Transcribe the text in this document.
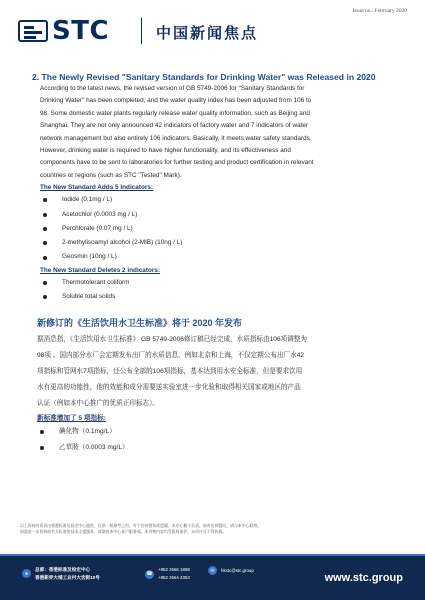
STC	中国新闻焦点
Issue no.: February 2020
2. The Newly Revised "Sanitary Standards for Drinking Water" was Released in 2020
According to the latest news, the revised version of GB 5749-2006 for "Sanitary Standards for
Drinking Water" has been completed, and the water quality index has been adjusted from 106 to
98. Some domestic water plants regularly release water quality information, such as Beijing and
Shanghai. They are not only announced 42 indicators of factory water and 7 indicators of water
network management but also entirely 106 indicators. Basically, it meets water safety standards.
However, drinking water is required to have higher functionality, and its effectiveness and
components have to be sent to laboratories for further testing and product certification in relevant
countries or regions (such as STC "Tested" Mark).
The New Standard Adds 5 Indicators:
Iodide (0.1mg / L)
Acetochlor (0.0003 mg / L)
Perchlorate (0.07 mg / L)
2-methylisoamyl alcohol (2-MIB) (10ng / L)
Geosmin (10ng / L)
The New Standard Deletes 2 indicators:
Thermotolerant coliform
Soluble total solids
新修订的《生活饮用水卫生标准》将于 2020 年发布
据消息指，《生活饮用水卫生标准》 GB 5749-2006修订稿已经完成，水质指标由106项调整为
98项 。国内部分水厂会定期发布出厂的水质信息，例如北京和上海，不仅定期公布出厂水42
项指标和管网水7项指标，还公布全部的106项指标，基本达到用水安全标准，但是要求饮用
水有更高的功能性，他的效能和成分需要送实验室进一步化验和取得相关国家或地区的产品
认证（例如本中心推广的优质正印标志）。
新标准增加了 5 项指标:
碘化物（0.1mg/L）
乙草胺（0.0003 mg/L）
以上资料的资讯由香港标准及检定中心提供，仅供一般参考之用。对于任何错误或遗漏，本中心概不负责。如有任何疑问，请与本中心联络。
如需进一步资料或有关标准的技术支援服务，请联络本中心客户服务部。本刊物内容均受版权保护，未经许可不得转载。
●
总部：香港标准及检定中心
香港新界大埔工业村大宏街10号	☎
+852 2666 1888
+852 2664 4353
✉	hkstc@stc.group
www.stc.group
